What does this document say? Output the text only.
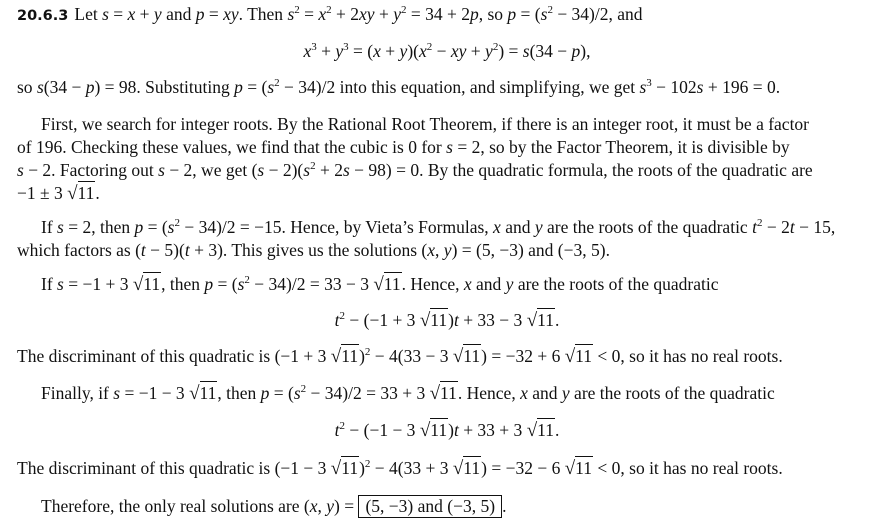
20.6.3 Let s = x + y and p = xy. Then $s^2 = x^2 + 2xy + y^2 = 34 + 2p$, so $p = (s^2 - 34)/2$, and
$x^3 + y^3 = (x + y)(x^2$ − xy + $y^2) = s(34 - p)$,
so s(34 − p) = 98. Substituting $p = (s^2 - 34)/2$ into this equation, and simplifying, we get $s^3 - 102s + 196 = 0$.
First, we search for integer roots. By the Rational Root Theorem, if there is an integer root, it must be a factor
of 196. Checking these values, we find that the cubic is 0 for s = 2, so by the Factor Theorem, it is divisible by
s − 2. Factoring out s − 2, we get $(s - 2)(s^2 + 2s - 98) = 0$. By the quadratic formula, the roots of the quadratic are
−1 ± 3 √11.
If s = 2, then $p = (s^2 - 34)/2 = -15$. Hence, by Vieta’s Formulas, x and y are the roots of the quadratic $t^2 - 2t - 15$,
which factors as (t − 5)(t + 3). This gives us the solutions (x, y) = (5, −3) and (−3, 5).
If s = −1 + 3 √11, then $p = (s^2 - 34)/2 = 33 - 3$ √11. Hence, x and y are the roots of the quadratic
$t^2 - (-1 + 3$ √11)t + 33 − 3 √11.
The discriminant of this quadratic is (−1 + 3 √11)$^2$ − 4(33 − 3 √11) = −32 + 6 √11 < 0, so it has no real roots.
Finally, if s = −1 − 3 √11, then $p = (s^2 - 34)/2 = 33 + 3$ √11. Hence, x and y are the roots of the quadratic
$t^2 - (-1 - 3$ √11)t + 33 + 3 √11.
The discriminant of this quadratic is (−1 − 3 √11)$^2$ − 4(33 + 3 √11) = −32 − 6 √11 < 0, so it has no real roots.
Therefore, the only real solutions are (x, y) = (5, −3) and (−3, 5) .
